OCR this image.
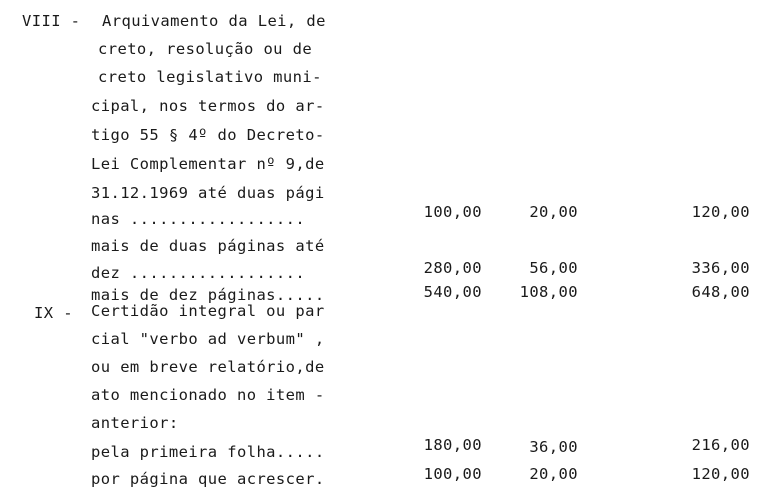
VIII - Arquivamento da Lei, de
creto, resolução ou de
creto legislativo muni-
cipal, nos termos do ar-
tigo 55 § 4º do Decreto-
Lei Complementar nº 9,de
31.12.1969 até duas pági
nas ..................	100,00	20,00	120,00
mais de duas páginas até
dez ..................	280,00	56,00	336,00
mais de dez páginas.....	540,00	108,00	648,00
IX - Certidão integral ou par
cial "verbo ad verbum" ,
ou em breve relatório,de
ato mencionado no item -
anterior:
pela primeira folha.....	180,00	36,00	216,00
por página que acrescer.	100,00	20,00	120,00
